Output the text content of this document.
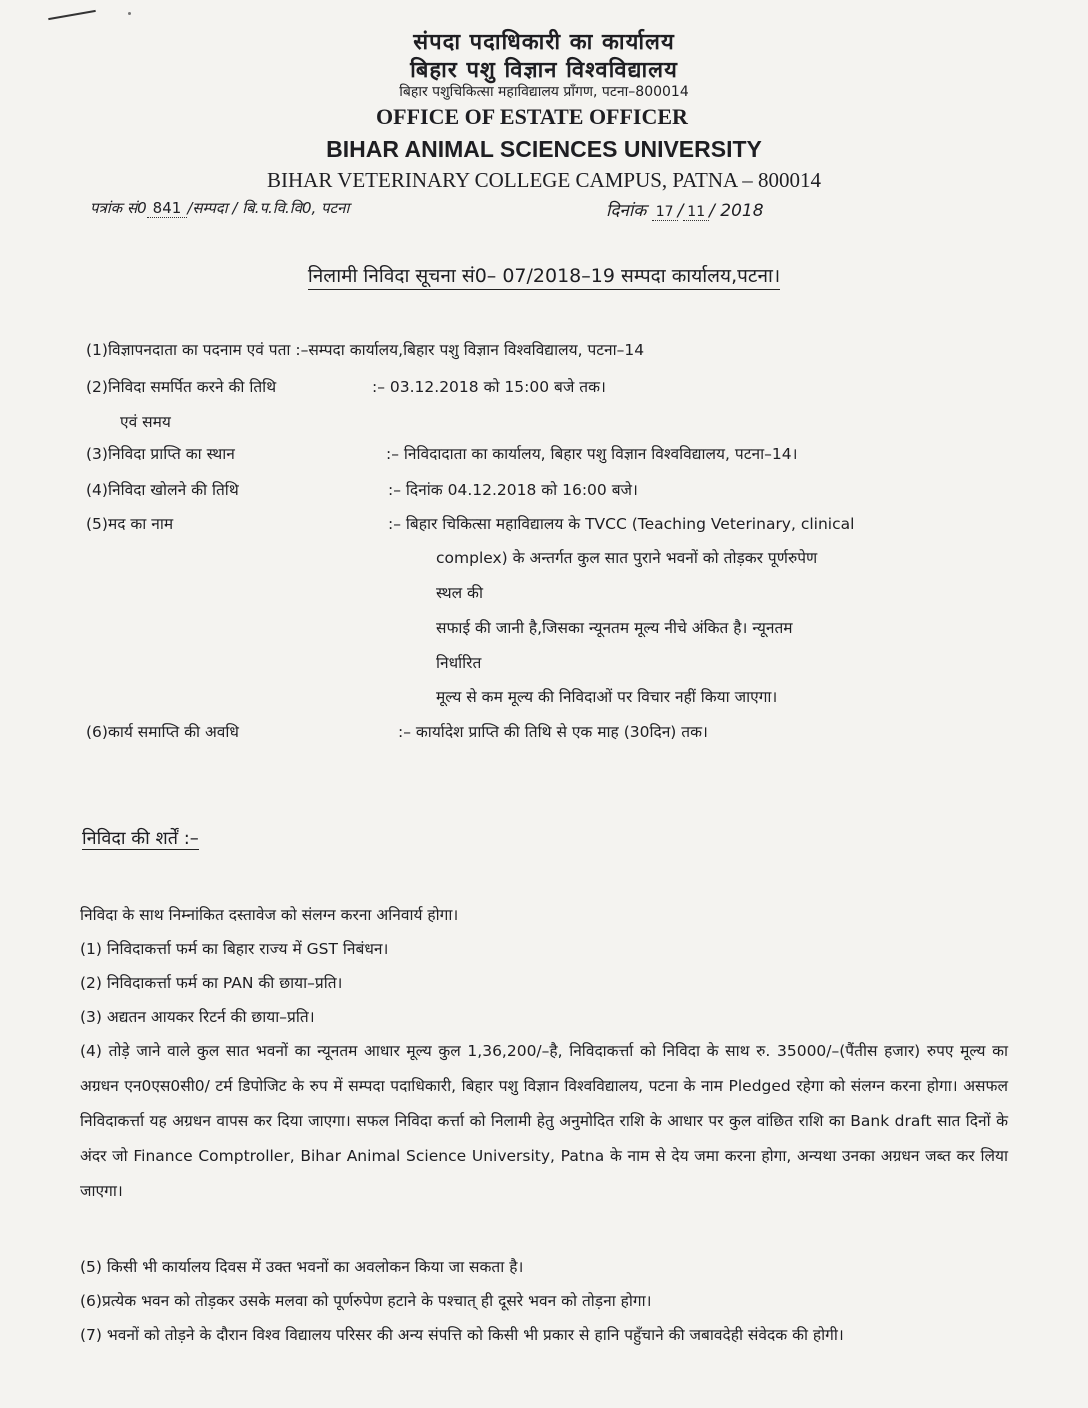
संपदा पदाधिकारी का कार्यालय
बिहार पशु विज्ञान विश्वविद्यालय
बिहार पशुचिकित्सा महाविद्यालय प्रॉंगण, पटना–800014
OFFICE OF ESTATE OFFICER
BIHAR ANIMAL SCIENCES UNIVERSITY
BIHAR VETERINARY COLLEGE CAMPUS, PATNA – 800014
पत्रांक सं0 841 /सम्पदा / बि.प.वि.वि0, पटना	दिनांक 17 / 11 / 2018
निलामी निविदा सूचना सं0– 07/2018–19 सम्पदा कार्यालय,पटना।
(1)विज्ञापनदाता का पदनाम एवं पता :–सम्पदा कार्यालय,बिहार पशु विज्ञान विश्वविद्यालय, पटना–14
(2)निविदा समर्पित करने की तिथि	:– 03.12.2018 को 15:00 बजे तक।
एवं समय
(3)निविदा प्राप्ति का स्थान	:– निविदादाता का कार्यालय, बिहार पशु विज्ञान विश्वविद्यालय, पटना–14।
(4)निविदा खोलने की तिथि	:– दिनांक 04.12.2018 को 16:00 बजे।
(5)मद का नाम	:– बिहार चिकित्सा महाविद्यालय के TVCC (Teaching Veterinary, clinical
complex) के अन्तर्गत कुल सात पुराने भवनों को तोड़कर पूर्णरुपेण
स्थल की
सफाई की जानी है,जिसका न्यूनतम मूल्य नीचे अंकित है। न्यूनतम
निर्धारित
मूल्य से कम मूल्य की निविदाओं पर विचार नहीं किया जाएगा।
(6)कार्य समाप्ति की अवधि	:– कार्यादेश प्राप्ति की तिथि से एक माह (30दिन) तक।
निविदा की शर्तें :–
निविदा के साथ निम्नांकित दस्तावेज को संलग्न करना अनिवार्य होगा।
(1) निविदाकर्त्ता फर्म का बिहार राज्य में GST निबंधन।
(2) निविदाकर्त्ता फर्म का PAN की छाया–प्रति।
(3) अद्यतन आयकर रिटर्न की छाया–प्रति।
(4) तोड़े जाने वाले कुल सात भवनों का न्यूनतम आधार मूल्य कुल 1,36,200/–है, निविदाकर्त्ता को निविदा के साथ रु. 35000/–(पैंतीस हजार) रुपए मूल्य का अग्रधन एन0एस0सी0/ टर्म डिपोजिट के रुप में सम्पदा पदाधिकारी, बिहार पशु विज्ञान विश्वविद्यालय, पटना के नाम Pledged रहेगा को संलग्न करना होगा। असफल निविदाकर्त्ता यह अग्रधन वापस कर दिया जाएगा। सफल निविदा कर्त्ता को निलामी हेतु अनुमोदित राशि के आधार पर कुल वांछित राशि का Bank draft सात दिनों के अंदर जो Finance Comptroller, Bihar Animal Science University, Patna के नाम से देय जमा करना होगा, अन्यथा उनका अग्रधन जब्त कर लिया जाएगा।
(5) किसी भी कार्यालय दिवस में उक्त भवनों का अवलोकन किया जा सकता है।
(6)प्रत्येक भवन को तोड़कर उसके मलवा को पूर्णरुपेण हटाने के पश्चात् ही दूसरे भवन को तोड़ना होगा।
(7) भवनों को तोड़ने के दौरान विश्व विद्यालय परिसर की अन्य संपत्ति को किसी भी प्रकार से हानि पहुँचाने की जबावदेही संवेदक की होगी।
